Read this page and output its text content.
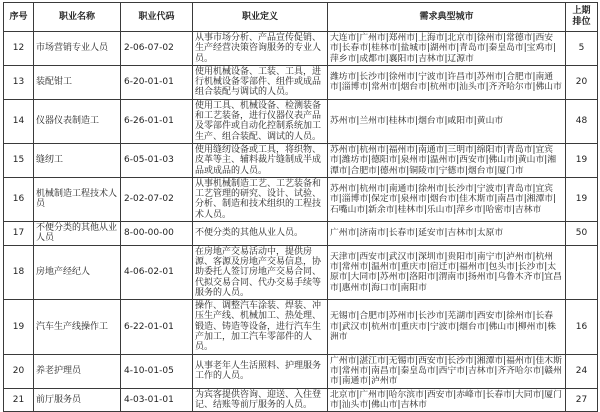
序号	职业名称	职业代码	职业定义	需求典型城市	上期排位

12	市场营销专业人员	2-06-07-02	从事市场分析、产品宣传促销、生产经营决策咨询服务的专业人员。	大连市|广州市|郑州市|上海市|北京市|徐州市|常德市|西安市|长春市|桂林市|盐城市|湖州市|青岛市|秦皇岛市|宝鸡市|萍乡市|成都市|襄阳市|吉林市|辽源市	5
13	装配钳工	6-20-01-01	使用机械设备、工装、工具，进行机械设备零部件、组件或成品组合装配与调试的人员。	潍坊市|长沙市|徐州市|宁波市|许昌市|苏州市|合肥市|南通市|淄博市|常州市|烟台市|杭州市|汕头市|齐齐哈尔市|佛山市	20
14	仪器仪表制造工	6-26-01-01	使用工具、机械设备、检测装备和工艺装备，进行仪器仪表产品及零部件或自动化控制系统加工生产、组合装配、调试的人员。	苏州市|兰州市|桂林市|烟台市|咸阳市|黄山市	48
15	缝纫工	6-05-01-03	使用缝纫设备或工具，将织物、皮革等主、辅料裁片缝制成半成品或成品的人员。	苏州市|杭州市|福州市|南通市|三明市|绵阳市|青岛市|宜宾市|潍坊市|德阳市|泉州市|温州市|西安市|佛山市|黄山市|湘潭市|合肥市|德州市|铜陵市|宁德市|烟台市|厦门市	19
16	机械制造工程技术人员	2-02-07-02	从事机械制造工艺、工艺装备和工艺管理的研究、设计、试验、分析、制造和技术组织的工程技术人员。	苏州市|杭州市|南通市|徐州市|长沙市|宁波市|青岛市|宜宾市|淄博市|保定市|泉州市|烟台市|佳木斯市|南昌市|湘潭市|石嘴山市|新余市|桂林市|乐山市|萍乡市|哈密市|吉林市	19
17	不便分类的其他从业人员	8-00-00-00	不便分类的其他从业人员。	广州市|济南市|长春市|延安市|吉林市|太原市	50
18	房地产经纪人	4-06-02-01	在房地产交易活动中，提供房源、客源及房地产交易信息，协助委托人签订房地产交易合同、代拟交易合同、代办交易手续等服务的人员。	天津市|西安市|武汉市|深圳市|贵阳市|南宁市|泸州市|杭州市|常州市|温州市|重庆市|宿迁市|福州市|包头市|长沙市|太原市|大同市|苏州市|洛阳市|渭南市|扬州市|乌鲁木齐市|宜昌市|惠州市|海口市|南阳市	
19	汽车生产线操作工	6-22-01-01	操作、调整汽车涂装、焊装、冲压生产线、机械加工、热处理、锻造、铸造等设备，进行汽车生产加工，加工汽车零部件的人员。	无锡市|合肥市|苏州市|长沙市|芜湖市|西安市|徐州市|长春市|武汉市|杭州市|重庆市|宁波市|烟台市|佛山市|柳州市|株洲市	16
20	养老护理员	4-10-01-05	从事老年人生活照料、护理服务工作的人员。	广州市|湛江市|无锡市|西安市|长沙市|湘潭市|福州市|佳木斯市|常州市|南昌市|秦皇岛市|西宁市|吉林市|齐齐哈尔市|赣州市|南通市|泸州市	24
21	前厅服务员	4-03-01-01	为宾客提供咨询、迎送、入住登记、结账等前厅服务的人员。	北京市|广州市|哈尔滨市|西安市|赤峰市|长春市|大同市|厦门市|汕头市|佛山市|吉林市	27
